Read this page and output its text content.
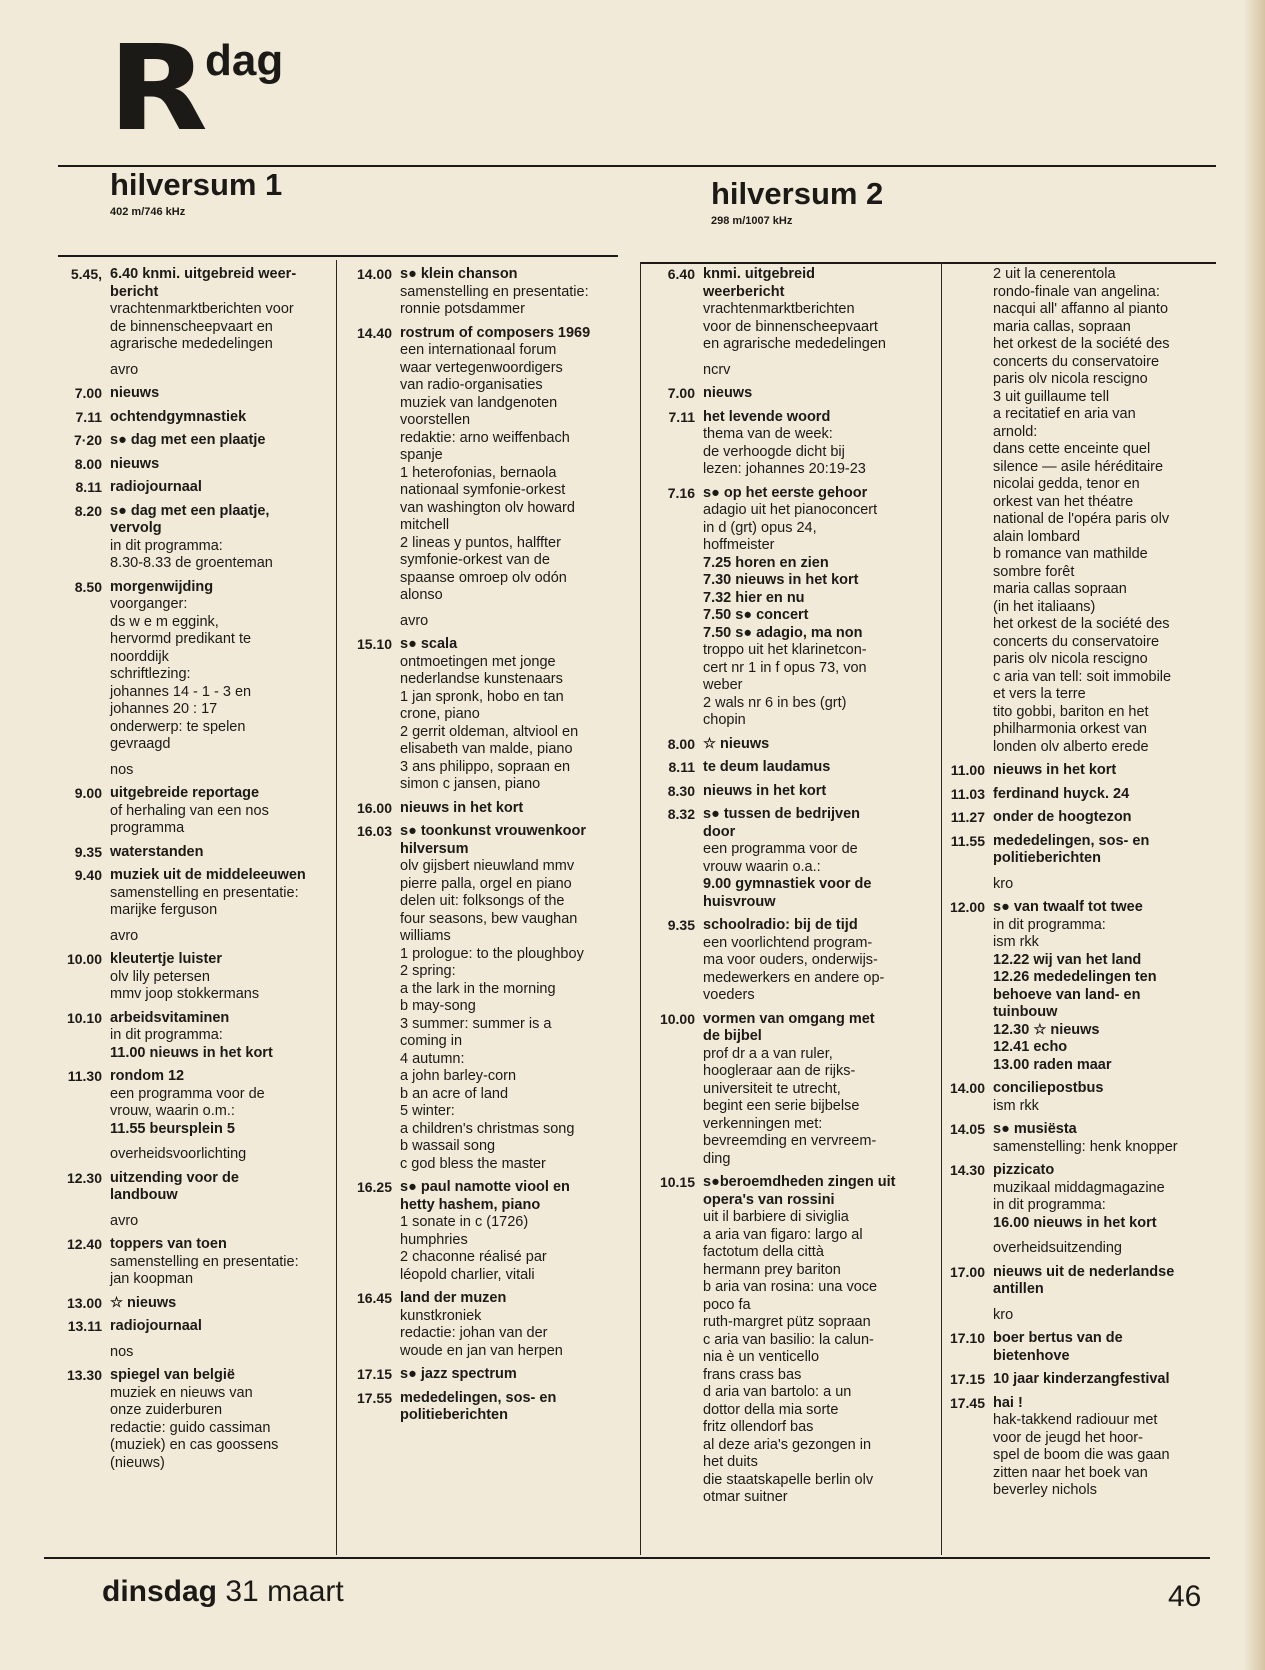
R dag
hilversum 1
402 m/746 kHz
hilversum 2
298 m/1007 kHz
5.45, 6.40 knmi. uitgebreid weer-
bericht
vrachtenmarktberichten voor
de binnenscheepvaart en
agrarische mededelingen
avro
7.00 nieuws
7.11 ochtendgymnastiek
7·20 s● dag met een plaatje
8.00 nieuws
8.11 radiojournaal
8.20 s● dag met een plaatje,
vervolg
in dit programma:
8.30-8.33 de groenteman
8.50 morgenwijding
voorganger:
ds w e m eggink,
hervormd predikant te
noorddijk
schriftlezing:
johannes 14 - 1 - 3 en
johannes 20 : 17
onderwerp: te spelen
gevraagd
nos
9.00 uitgebreide reportage
of herhaling van een nos
programma
9.35 waterstanden
9.40 muziek uit de middeleeuwen
samenstelling en presentatie:
marijke ferguson
avro
10.00 kleutertje luister
olv lily petersen
mmv joop stokkermans
10.10 arbeidsvitaminen
in dit programma:
11.00 nieuws in het kort
11.30 rondom 12
een programma voor de
vrouw, waarin o.m.:
11.55 beursplein 5
overheidsvoorlichting
12.30 uitzending voor de
landbouw
avro
12.40 toppers van toen
samenstelling en presentatie:
jan koopman
13.00 ☆ nieuws
13.11 radiojournaal
nos
13.30 spiegel van belgië
muziek en nieuws van
onze zuiderburen
redactie: guido cassiman
(muziek) en cas goossens
(nieuws)
14.00 s● klein chanson
samenstelling en presentatie:
ronnie potsdammer
14.40 rostrum of composers 1969
een internationaal forum
waar vertegenwoordigers
van radio-organisaties
muziek van landgenoten
voorstellen
redaktie: arno weiffenbach
spanje
1 heterofonias, bernaola
nationaal symfonie-orkest
van washington olv howard
mitchell
2 lineas y puntos, halffter
symfonie-orkest van de
spaanse omroep olv odón
alonso
avro
15.10 s● scala
ontmoetingen met jonge
nederlandse kunstenaars
1 jan spronk, hobo en tan
crone, piano
2 gerrit oldeman, altviool en
elisabeth van malde, piano
3 ans philippo, sopraan en
simon c jansen, piano
16.00 nieuws in het kort
16.03 s● toonkunst vrouwenkoor
hilversum
olv gijsbert nieuwland mmv
pierre palla, orgel en piano
delen uit: folksongs of the
four seasons, bew vaughan
williams
1 prologue: to the ploughboy
2 spring:
a the lark in the morning
b may-song
3 summer: summer is a
coming in
4 autumn:
a john barley-corn
b an acre of land
5 winter:
a children's christmas song
b wassail song
c god bless the master
16.25 s● paul namotte viool en
hetty hashem, piano
1 sonate in c (1726)
humphries
2 chaconne réalisé par
léopold charlier, vitali
16.45 land der muzen
kunstkroniek
redactie: johan van der
woude en jan van herpen
17.15 s● jazz spectrum
17.55 mededelingen, sos- en
politieberichten
6.40 knmi. uitgebreid
weerbericht
vrachtenmarktberichten
voor de binnenscheepvaart
en agrarische mededelingen
ncrv
7.00 nieuws
7.11 het levende woord
thema van de week:
de verhoogde dicht bij
lezen: johannes 20:19-23
7.16 s● op het eerste gehoor
adagio uit het pianoconcert
in d (grt) opus 24,
hoffmeister
7.25 horen en zien
7.30 nieuws in het kort
7.32 hier en nu
7.50 s● concert
7.50 s● adagio, ma non
troppo uit het klarinetcon-
cert nr 1 in f opus 73, von
weber
2 wals nr 6 in bes (grt)
chopin
8.00 ☆ nieuws
8.11 te deum laudamus
8.30 nieuws in het kort
8.32 s● tussen de bedrijven
door
een programma voor de
vrouw waarin o.a.:
9.00 gymnastiek voor de
huisvrouw
9.35 schoolradio: bij de tijd
een voorlichtend program-
ma voor ouders, onderwijs-
medewerkers en andere op-
voeders
10.00 vormen van omgang met
de bijbel
prof dr a a van ruler,
hoogleraar aan de rijks-
universiteit te utrecht,
begint een serie bijbelse
verkenningen met:
bevreemding en vervreem-
ding
10.15 s●beroemdheden zingen uit
opera's van rossini
uit il barbiere di siviglia
a aria van figaro: largo al
factotum della città
hermann prey bariton
b aria van rosina: una voce
poco fa
ruth-margret pütz sopraan
c aria van basilio: la calun-
nia è un venticello
frans crass bas
d aria van bartolo: a un
dottor della mia sorte
fritz ollendorf bas
al deze aria's gezongen in
het duits
die staatskapelle berlin olv
otmar suitner
2 uit la cenerentola
rondo-finale van angelina:
nacqui all' affanno al pianto
maria callas, sopraan
het orkest de la société des
concerts du conservatoire
paris olv nicola rescigno
3 uit guillaume tell
a recitatief en aria van
arnold:
dans cette enceinte quel
silence — asile héréditaire
nicolai gedda, tenor en
orkest van het théatre
national de l'opéra paris olv
alain lombard
b romance van mathilde
sombre forêt
maria callas sopraan
(in het italiaans)
het orkest de la société des
concerts du conservatoire
paris olv nicola rescigno
c aria van tell: soit immobile
et vers la terre
tito gobbi, bariton en het
philharmonia orkest van
londen olv alberto erede
11.00 nieuws in het kort
11.03 ferdinand huyck. 24
11.27 onder de hoogtezon
11.55 mededelingen, sos- en
politieberichten
kro
12.00 s● van twaalf tot twee
in dit programma:
ism rkk
12.22 wij van het land
12.26 mededelingen ten
behoeve van land- en
tuinbouw
12.30 ☆ nieuws
12.41 echo
13.00 raden maar
14.00 conciliepostbus
ism rkk
14.05 s● musiësta
samenstelling: henk knopper
14.30 pizzicato
muzikaal middagmagazine
in dit programma:
16.00 nieuws in het kort
overheidsuitzending
17.00 nieuws uit de nederlandse
antillen
kro
17.10 boer bertus van de
bietenhove
17.15 10 jaar kinderzangfestival
17.45 hai !
hak-takkend radiouur met
voor de jeugd het hoor-
spel de boom die was gaan
zitten naar het boek van
beverley nichols
dinsdag 31 maart	46
